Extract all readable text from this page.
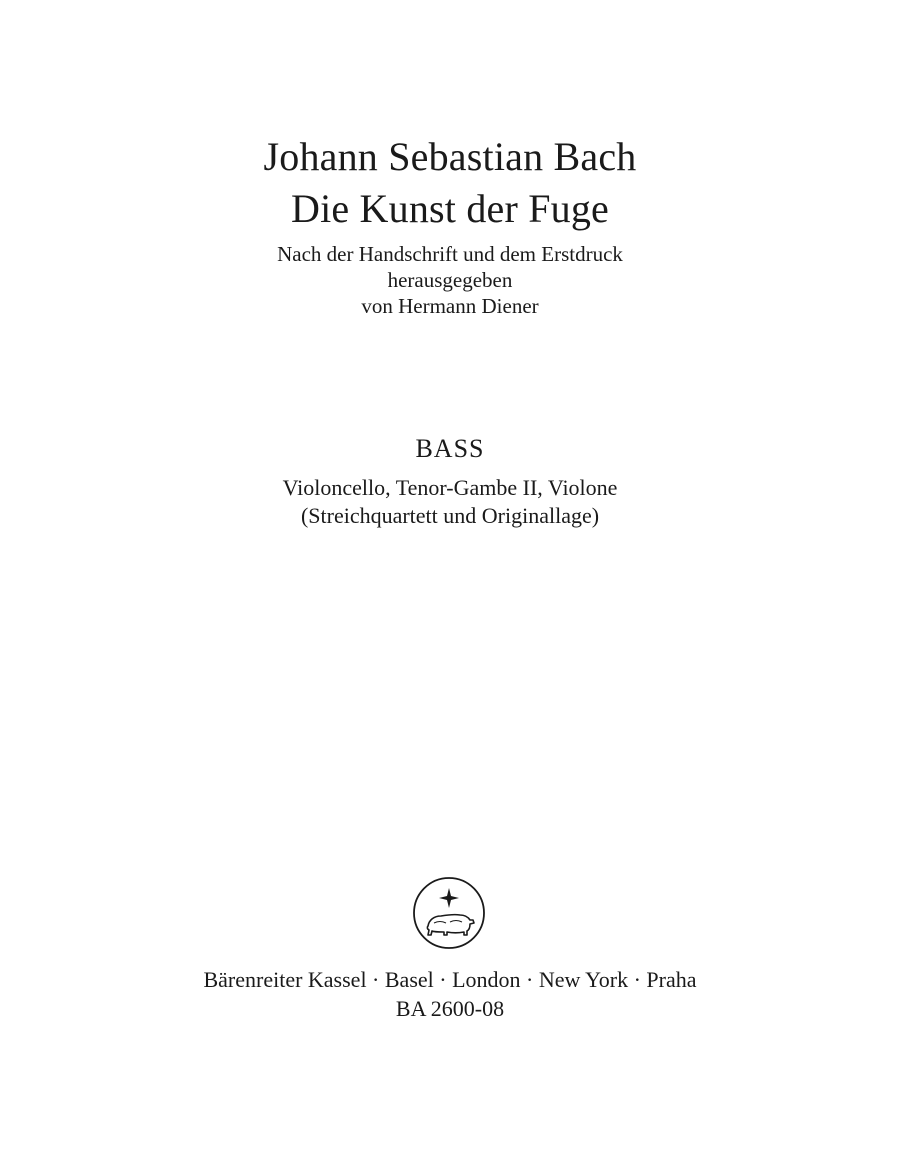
Johann Sebastian Bach
Die Kunst der Fuge
Nach der Handschrift und dem Erstdruck
herausgegeben
von Hermann Diener
BASS
Violoncello, Tenor-Gambe II, Violone
(Streichquartett und Originallage)
Bärenreiter Kassel · Basel · London · New York · Praha
BA 2600-08
